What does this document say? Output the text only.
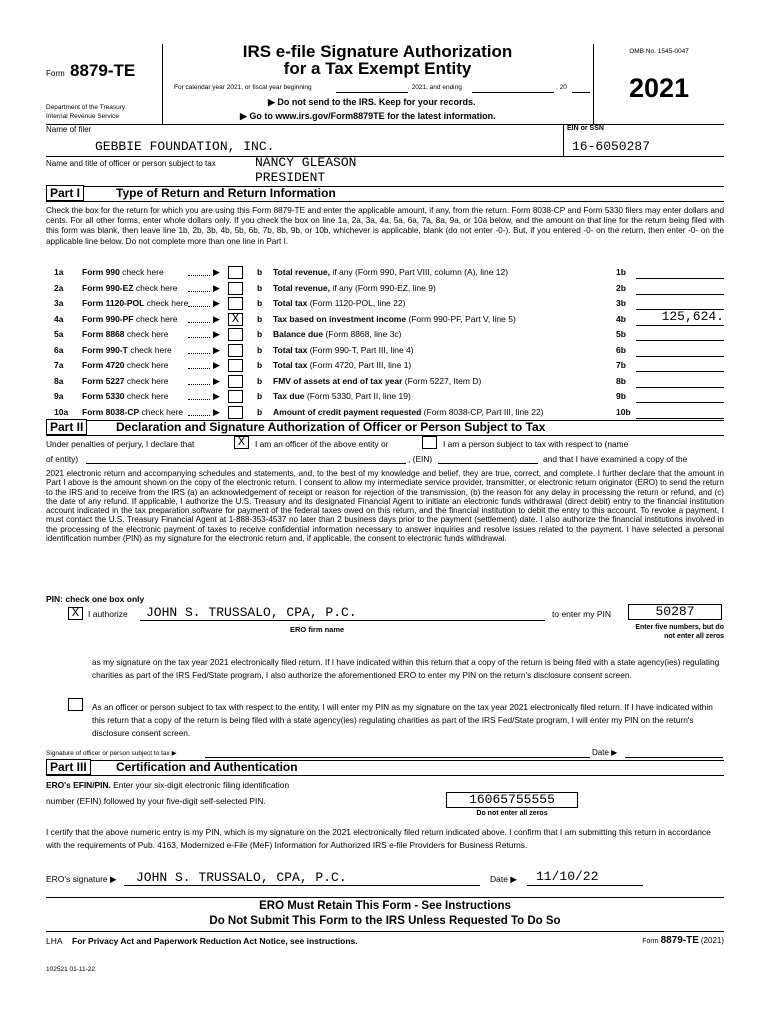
Form 8879-TE
Department of the Treasury
Internal Revenue Service
IRS e-file Signature Authorization
for a Tax Exempt Entity
For calendar year 2021, or fiscal year beginning	, 2021, and ending	, 20
▶ Do not send to the IRS. Keep for your records.
▶ Go to www.irs.gov/Form8879TE for the latest information.
OMB No. 1545-0047
2021
Name of filer
GEBBIE FOUNDATION, INC.
EIN or SSN
16-6050287
Name and title of officer or person subject to tax	NANCY GLEASON
PRESIDENT
Part I	Type of Return and Return Information
Check the box for the return for which you are using this Form 8879-TE and enter the applicable amount, if any, from the return. Form 8038-CP and Form 5330 filers may enter dollars and cents. For all other forms, enter whole dollars only. If you check the box on line 1a, 2a, 3a, 4a, 5a, 6a, 7a, 8a, 9a, or 10a below, and the amount on that line for the return being filed with this form was blank, then leave line 1b, 2b, 3b, 4b, 5b, 6b, 7b, 8b, 9b, or 10b, whichever is applicable, blank (do not enter -0-). But, if you entered -0- on the return, then enter -0- on the applicable line below. Do not complete more than one line in Part I.
1a Form 990 check here	▶	b Total revenue, if any (Form 990, Part VIII, column (A), line 12)	1b
2a Form 990-EZ check here	▶	b Total revenue, if any (Form 990-EZ, line 9)	2b
3a Form 1120-POL check here	▶	b Total tax (Form 1120-POL, line 22)	3b
4a Form 990-PF check here	▶ X	b Tax based on investment income (Form 990-PF, Part V, line 5)	4b	125,624.
5a Form 8868 check here	▶	b Balance due (Form 8868, line 3c)	5b
6a Form 990-T check here	▶	b Total tax (Form 990-T, Part III, line 4)	6b
7a Form 4720 check here	▶	b Total tax (Form 4720, Part III, line 1)	7b
8a Form 5227 check here	▶	b FMV of assets at end of tax year (Form 5227, Item D)	8b
9a Form 5330 check here	▶	b Tax due (Form 5330, Part II, line 19)	9b
10a Form 8038-CP check here	▶	b Amount of credit payment requested (Form 8038-CP, Part III, line 22)	10b
Part II	Declaration and Signature Authorization of Officer or Person Subject to Tax
Under penalties of perjury, I declare that	X	I am an officer of the above entity or	I am a person subject to tax with respect to (name
of entity)	, (EIN)	and that I have examined a copy of the
2021 electronic return and accompanying schedules and statements, and, to the best of my knowledge and belief, they are true, correct, and complete. I further declare that the amount in Part I above is the amount shown on the copy of the electronic return. I consent to allow my intermediate service provider, transmitter, or electronic return originator (ERO) to send the return to the IRS and to receive from the IRS (a) an acknowledgement of receipt or reason for rejection of the transmission, (b) the reason for any delay in processing the return or refund, and (c) the date of any refund. If applicable, I authorize the U.S. Treasury and its designated Financial Agent to initiate an electronic funds withdrawal (direct debit) entry to the financial institution account indicated in the tax preparation software for payment of the federal taxes owed on this return, and the financial institution to debit the entry to this account. To revoke a payment, I must contact the U.S. Treasury Financial Agent at 1-888-353-4537 no later than 2 business days prior to the payment (settlement) date. I also authorize the financial institutions involved in the processing of the electronic payment of taxes to receive confidential information necessary to answer inquiries and resolve issues related to the payment. I have selected a personal identification number (PIN) as my signature for the electronic return and, if applicable, the consent to electronic funds withdrawal.
PIN: check one box only
X	I authorize JOHN S. TRUSSALO, CPA, P.C.
ERO firm name
to enter my PIN	50287
Enter five numbers, but do not enter all zeros
as my signature on the tax year 2021 electronically filed return. If I have indicated within this return that a copy of the return is being filed with a state agency(ies) regulating charities as part of the IRS Fed/State program, I also authorize the aforementioned ERO to enter my PIN on the return's disclosure consent screen.
As an officer or person subject to tax with respect to the entity, I will enter my PIN as my signature on the tax year 2021 electronically filed return. If I have indicated within this return that a copy of the return is being filed with a state agency(ies) regulating charities as part of the IRS Fed/State program, I will enter my PIN on the return's disclosure consent screen.
Signature of officer or person subject to tax ▶	Date ▶
Part III	Certification and Authentication
ERO's EFIN/PIN. Enter your six-digit electronic filing identification
number (EFIN) followed by your five-digit self-selected PIN.	16065755555
Do not enter all zeros
I certify that the above numeric entry is my PIN, which is my signature on the 2021 electronically filed return indicated above. I confirm that I am submitting this return in accordance with the requirements of Pub. 4163, Modernized e-File (MeF) Information for Authorized IRS e-file Providers for Business Returns.
ERO's signature ▶ JOHN S. TRUSSALO, CPA, P.C.	Date ▶ 11/10/22
ERO Must Retain This Form - See Instructions
Do Not Submit This Form to the IRS Unless Requested To Do So
LHA For Privacy Act and Paperwork Reduction Act Notice, see instructions.	Form 8879-TE (2021)
102521 01-11-22
